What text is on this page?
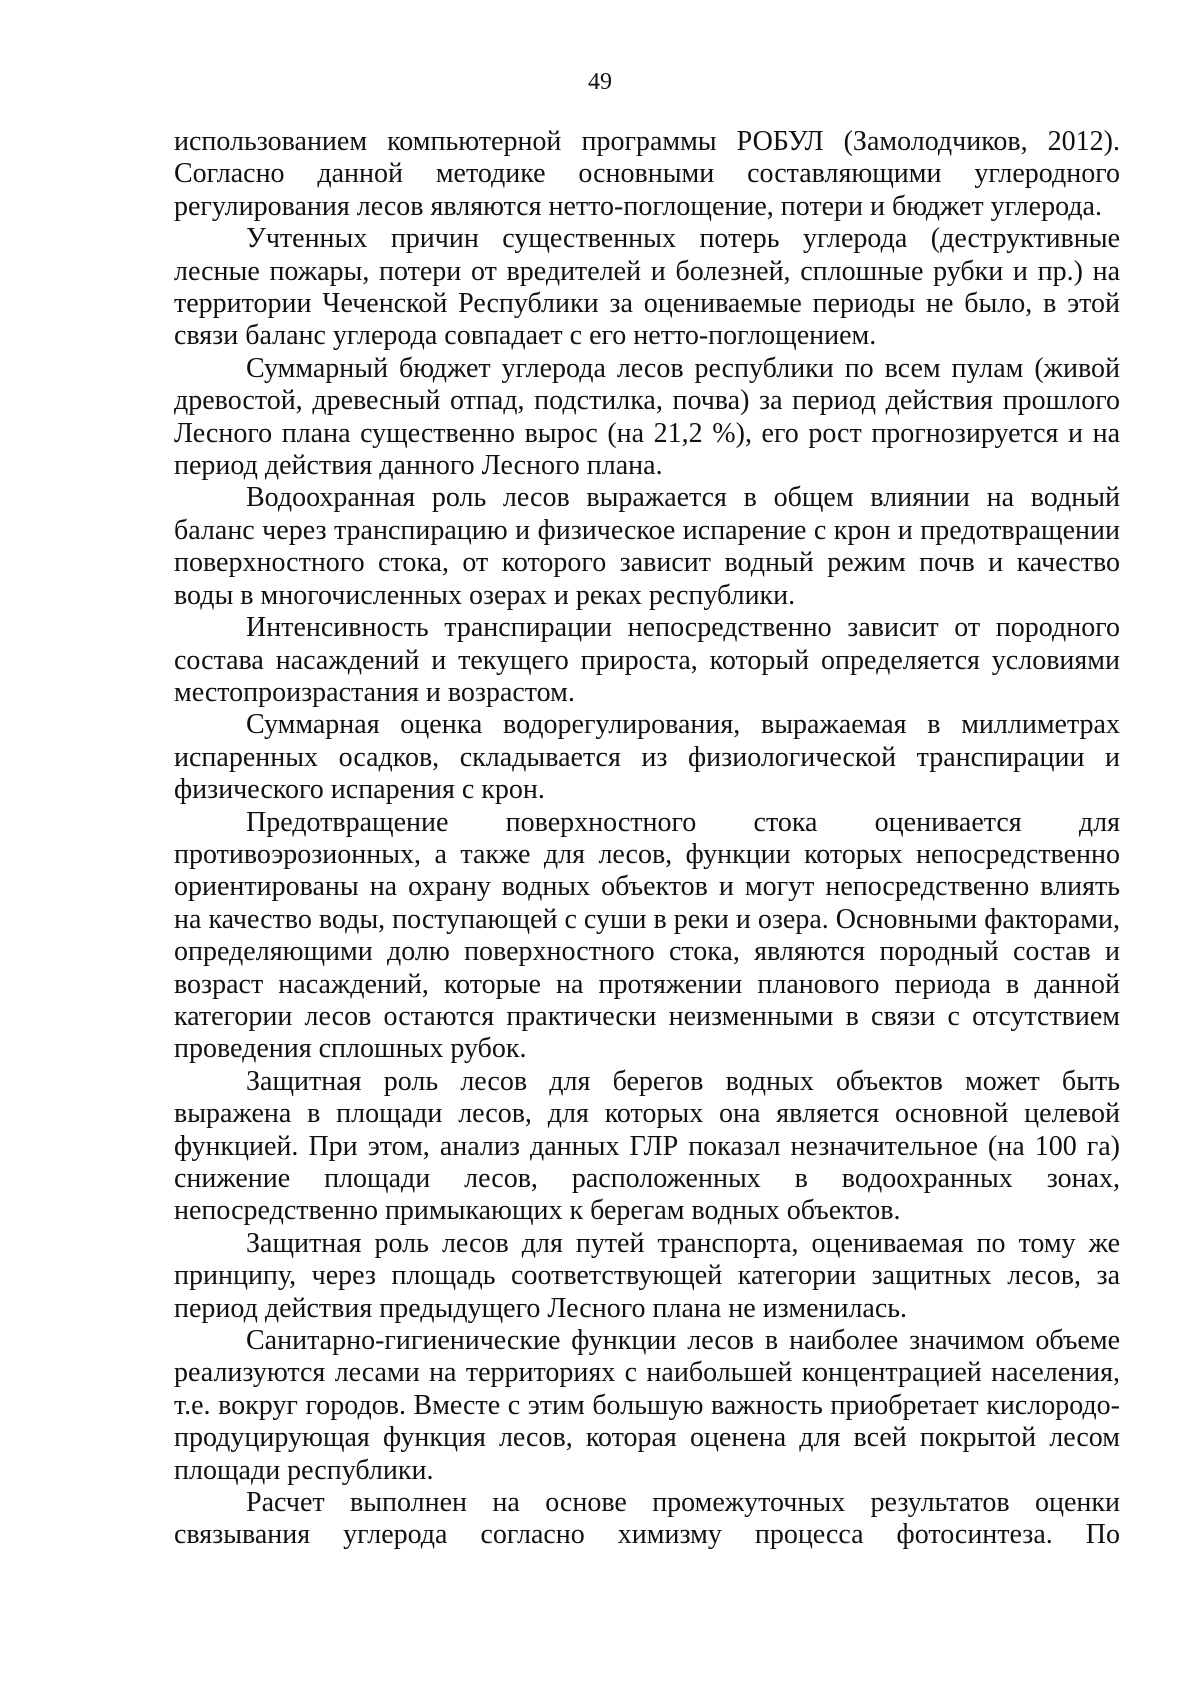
49

использованием компьютерной программы РОБУЛ (Замолодчиков, 2012). Согласно данной методике основными составляющими углеродного регулирования лесов являются нетто-поглощение, потери и бюджет углерода.

Учтенных причин существенных потерь углерода (деструктивные лесные пожары, потери от вредителей и болезней, сплошные рубки и пр.) на территории Чеченской Республики за оцениваемые периоды не было, в этой связи баланс углерода совпадает с его нетто-поглощением.

Суммарный бюджет углерода лесов республики по всем пулам (живой древостой, древесный отпад, подстилка, почва) за период действия прошлого Лесного плана существенно вырос (на 21,2 %), его рост прогнозируется и на период действия данного Лесного плана.

Водоохранная роль лесов выражается в общем влиянии на водный баланс через транспирацию и физическое испарение с крон и предотвращении поверхностного стока, от которого зависит водный режим почв и качество воды в многочисленных озерах и реках республики.

Интенсивность транспирации непосредственно зависит от породного состава насаждений и текущего прироста, который определяется условиями местопроизрастания и возрастом.

Суммарная оценка водорегулирования, выражаемая в миллиметрах испаренных осадков, складывается из физиологической транспирации и физического испарения с крон.

Предотвращение поверхностного стока оценивается для противоэрозионных, а также для лесов, функции которых непосредственно ориентированы на охрану водных объектов и могут непосредственно влиять на качество воды, поступающей с суши в реки и озера. Основными факторами, определяющими долю поверхностного стока, являются породный состав и возраст насаждений, которые на протяжении планового периода в данной категории лесов остаются практически неизменными в связи с отсутствием проведения сплошных рубок.

Защитная роль лесов для берегов водных объектов может быть выражена в площади лесов, для которых она является основной целевой функцией. При этом, анализ данных ГЛР показал незначительное (на 100 га) снижение площади лесов, расположенных в водоохранных зонах, непосредственно примыкающих к берегам водных объектов.

Защитная роль лесов для путей транспорта, оцениваемая по тому же принципу, через площадь соответствующей категории защитных лесов, за период действия предыдущего Лесного плана не изменилась.

Санитарно-гигиенические функции лесов в наиболее значимом объеме реализуются лесами на территориях с наибольшей концентрацией населения, т.е. вокруг городов. Вместе с этим большую важность приобретает кислородо-продуцирующая функция лесов, которая оценена для всей покрытой лесом площади республики.

Расчет выполнен на основе промежуточных результатов оценки связывания углерода согласно химизму процесса фотосинтеза. По
